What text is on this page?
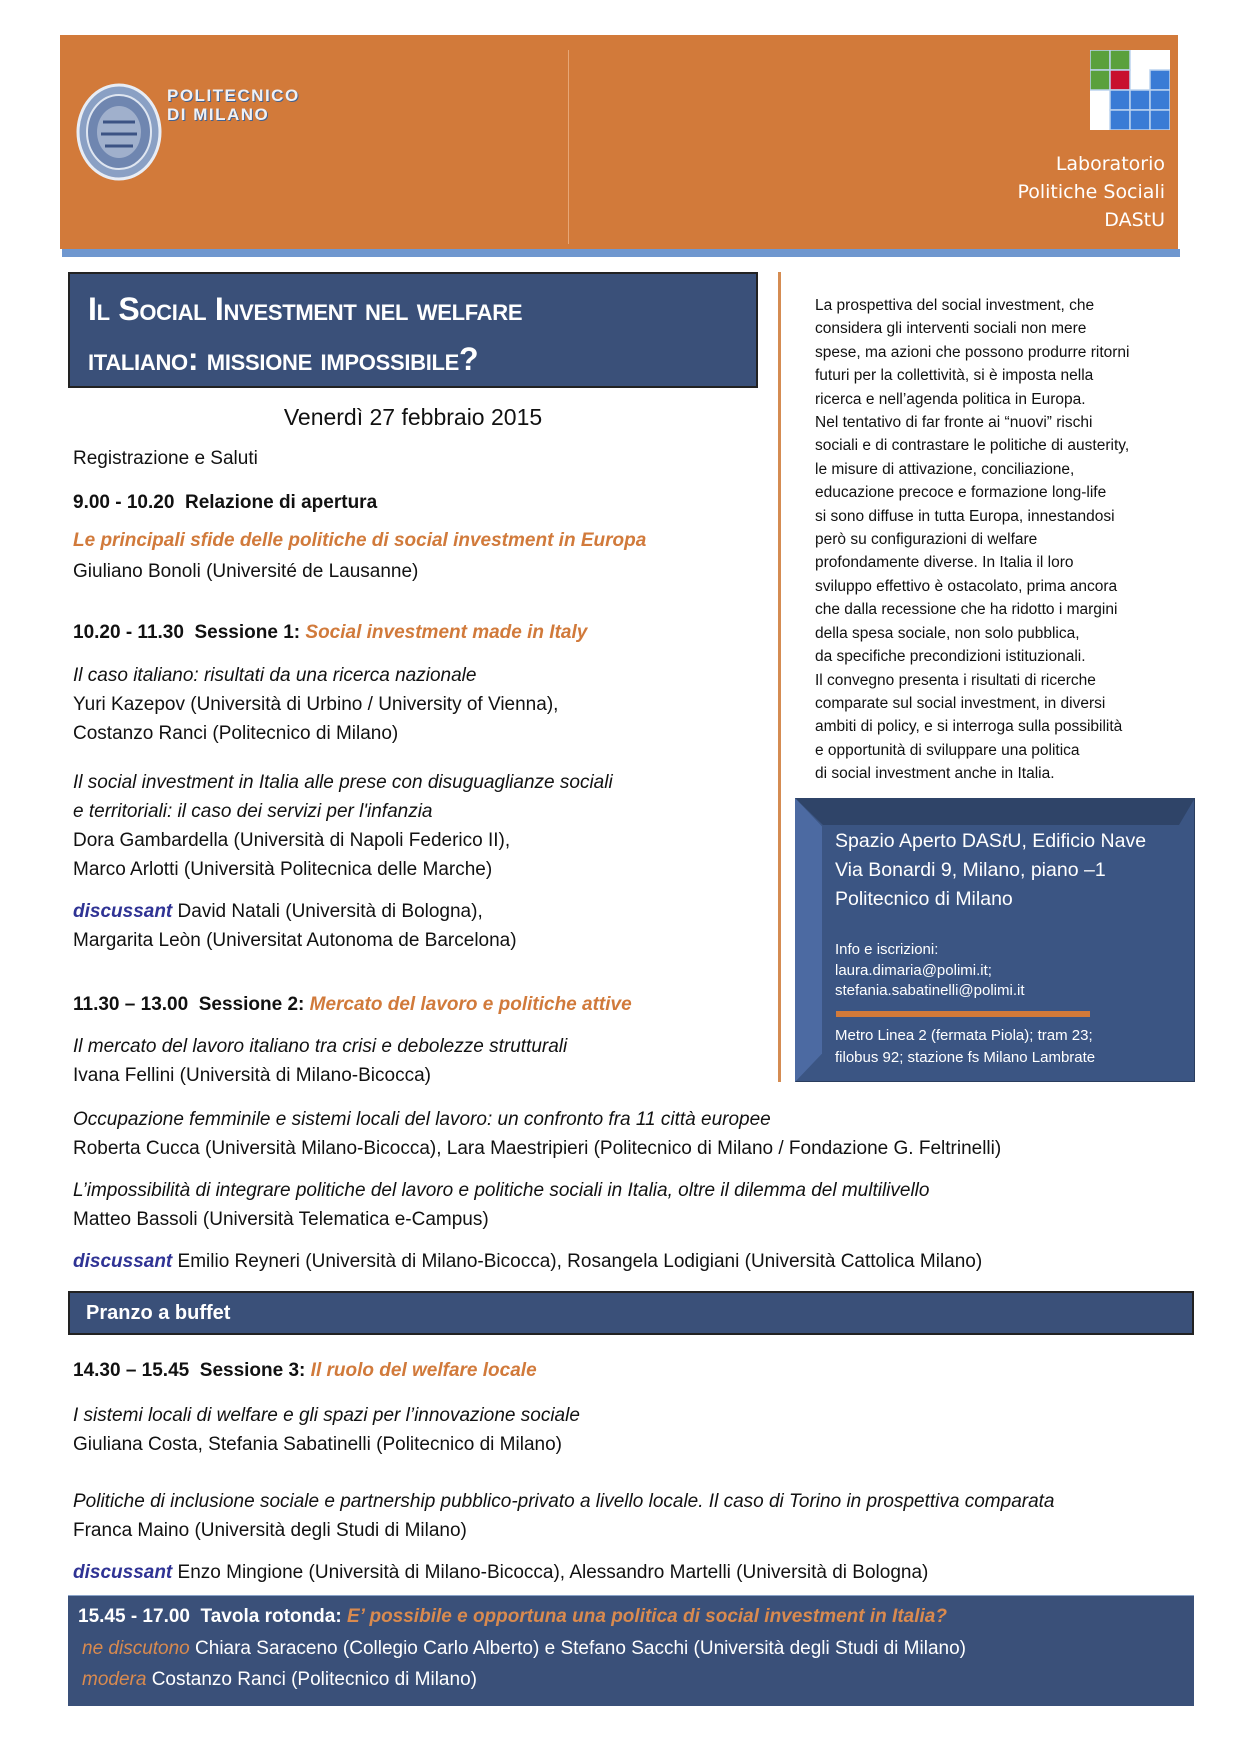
POLITECNICO
DI MILANO
Laboratorio
Politiche Sociali
DAStU
Il Social Investment nel welfare
italiano: missione impossibile?

La prospettiva del social investment, che

considera gli interventi sociali non mere

spese, ma azioni che possono produrre ritorni

futuri per la collettività, si è imposta nella

ricerca e nell’agenda politica in Europa.

Nel tentativo di far fronte ai “nuovi” rischi

sociali e di contrastare le politiche di austerity,

le misure di attivazione, conciliazione,

educazione precoce e formazione long-life

si sono diffuse in tutta Europa, innestandosi

però su configurazioni di welfare

profondamente diverse. In Italia il loro

sviluppo effettivo è ostacolato, prima ancora

che dalla recessione che ha ridotto i margini

della spesa sociale, non solo pubblica,

da specifiche precondizioni istituzionali.

Il convegno presenta i risultati di ricerche

comparate sul social investment, in diversi

ambiti di policy, e si interroga sulla possibilità

e opportunità di sviluppare una politica

di social investment anche in Italia.

Spazio Aperto DAStU, Edificio Nave
Via Bonardi 9, Milano, piano –1
Politecnico di Milano
Info e iscrizioni:
laura.dimaria@polimi.it;
stefania.sabatinelli@polimi.it
Metro Linea 2 (fermata Piola); tram 23;
filobus 92; stazione fs Milano Lambrate
Venerdì 27 febbraio 2015
Registrazione e Saluti
9.00 - 10.20 Relazione di apertura
Le principali sfide delle politiche di social investment in Europa
Giuliano Bonoli (Université de Lausanne)
10.20 - 11.30 Sessione 1: Social investment made in Italy
Il caso italiano: risultati da una ricerca nazionale
Yuri Kazepov (Università di Urbino / University of Vienna),
Costanzo Ranci (Politecnico di Milano)
Il social investment in Italia alle prese con disuguaglianze sociali
e territoriali: il caso dei servizi per l'infanzia
Dora Gambardella (Università di Napoli Federico II),
Marco Arlotti (Università Politecnica delle Marche)
discussant David Natali (Università di Bologna),
Margarita Leòn (Universitat Autonoma de Barcelona)
11.30 – 13.00 Sessione 2: Mercato del lavoro e politiche attive
Il mercato del lavoro italiano tra crisi e debolezze strutturali
Ivana Fellini (Università di Milano-Bicocca)
Occupazione femminile e sistemi locali del lavoro: un confronto fra 11 città europee
Roberta Cucca (Università Milano-Bicocca), Lara Maestripieri (Politecnico di Milano / Fondazione G. Feltrinelli)
L’impossibilità di integrare politiche del lavoro e politiche sociali in Italia, oltre il dilemma del multilivello
Matteo Bassoli (Università Telematica e-Campus)
discussant Emilio Reyneri (Università di Milano-Bicocca), Rosangela Lodigiani (Università Cattolica Milano)
Pranzo a buffet
14.30 – 15.45 Sessione 3: Il ruolo del welfare locale
I sistemi locali di welfare e gli spazi per l’innovazione sociale
Giuliana Costa, Stefania Sabatinelli (Politecnico di Milano)
Politiche di inclusione sociale e partnership pubblico-privato a livello locale. Il caso di Torino in prospettiva comparata
Franca Maino (Università degli Studi di Milano)
discussant Enzo Mingione (Università di Milano-Bicocca), Alessandro Martelli (Università di Bologna)
15.45 - 17.00 Tavola rotonda: E’ possibile e opportuna una politica di social investment in Italia?
ne discutono Chiara Saraceno (Collegio Carlo Alberto) e Stefano Sacchi (Università degli Studi di Milano)
modera Costanzo Ranci (Politecnico di Milano)
